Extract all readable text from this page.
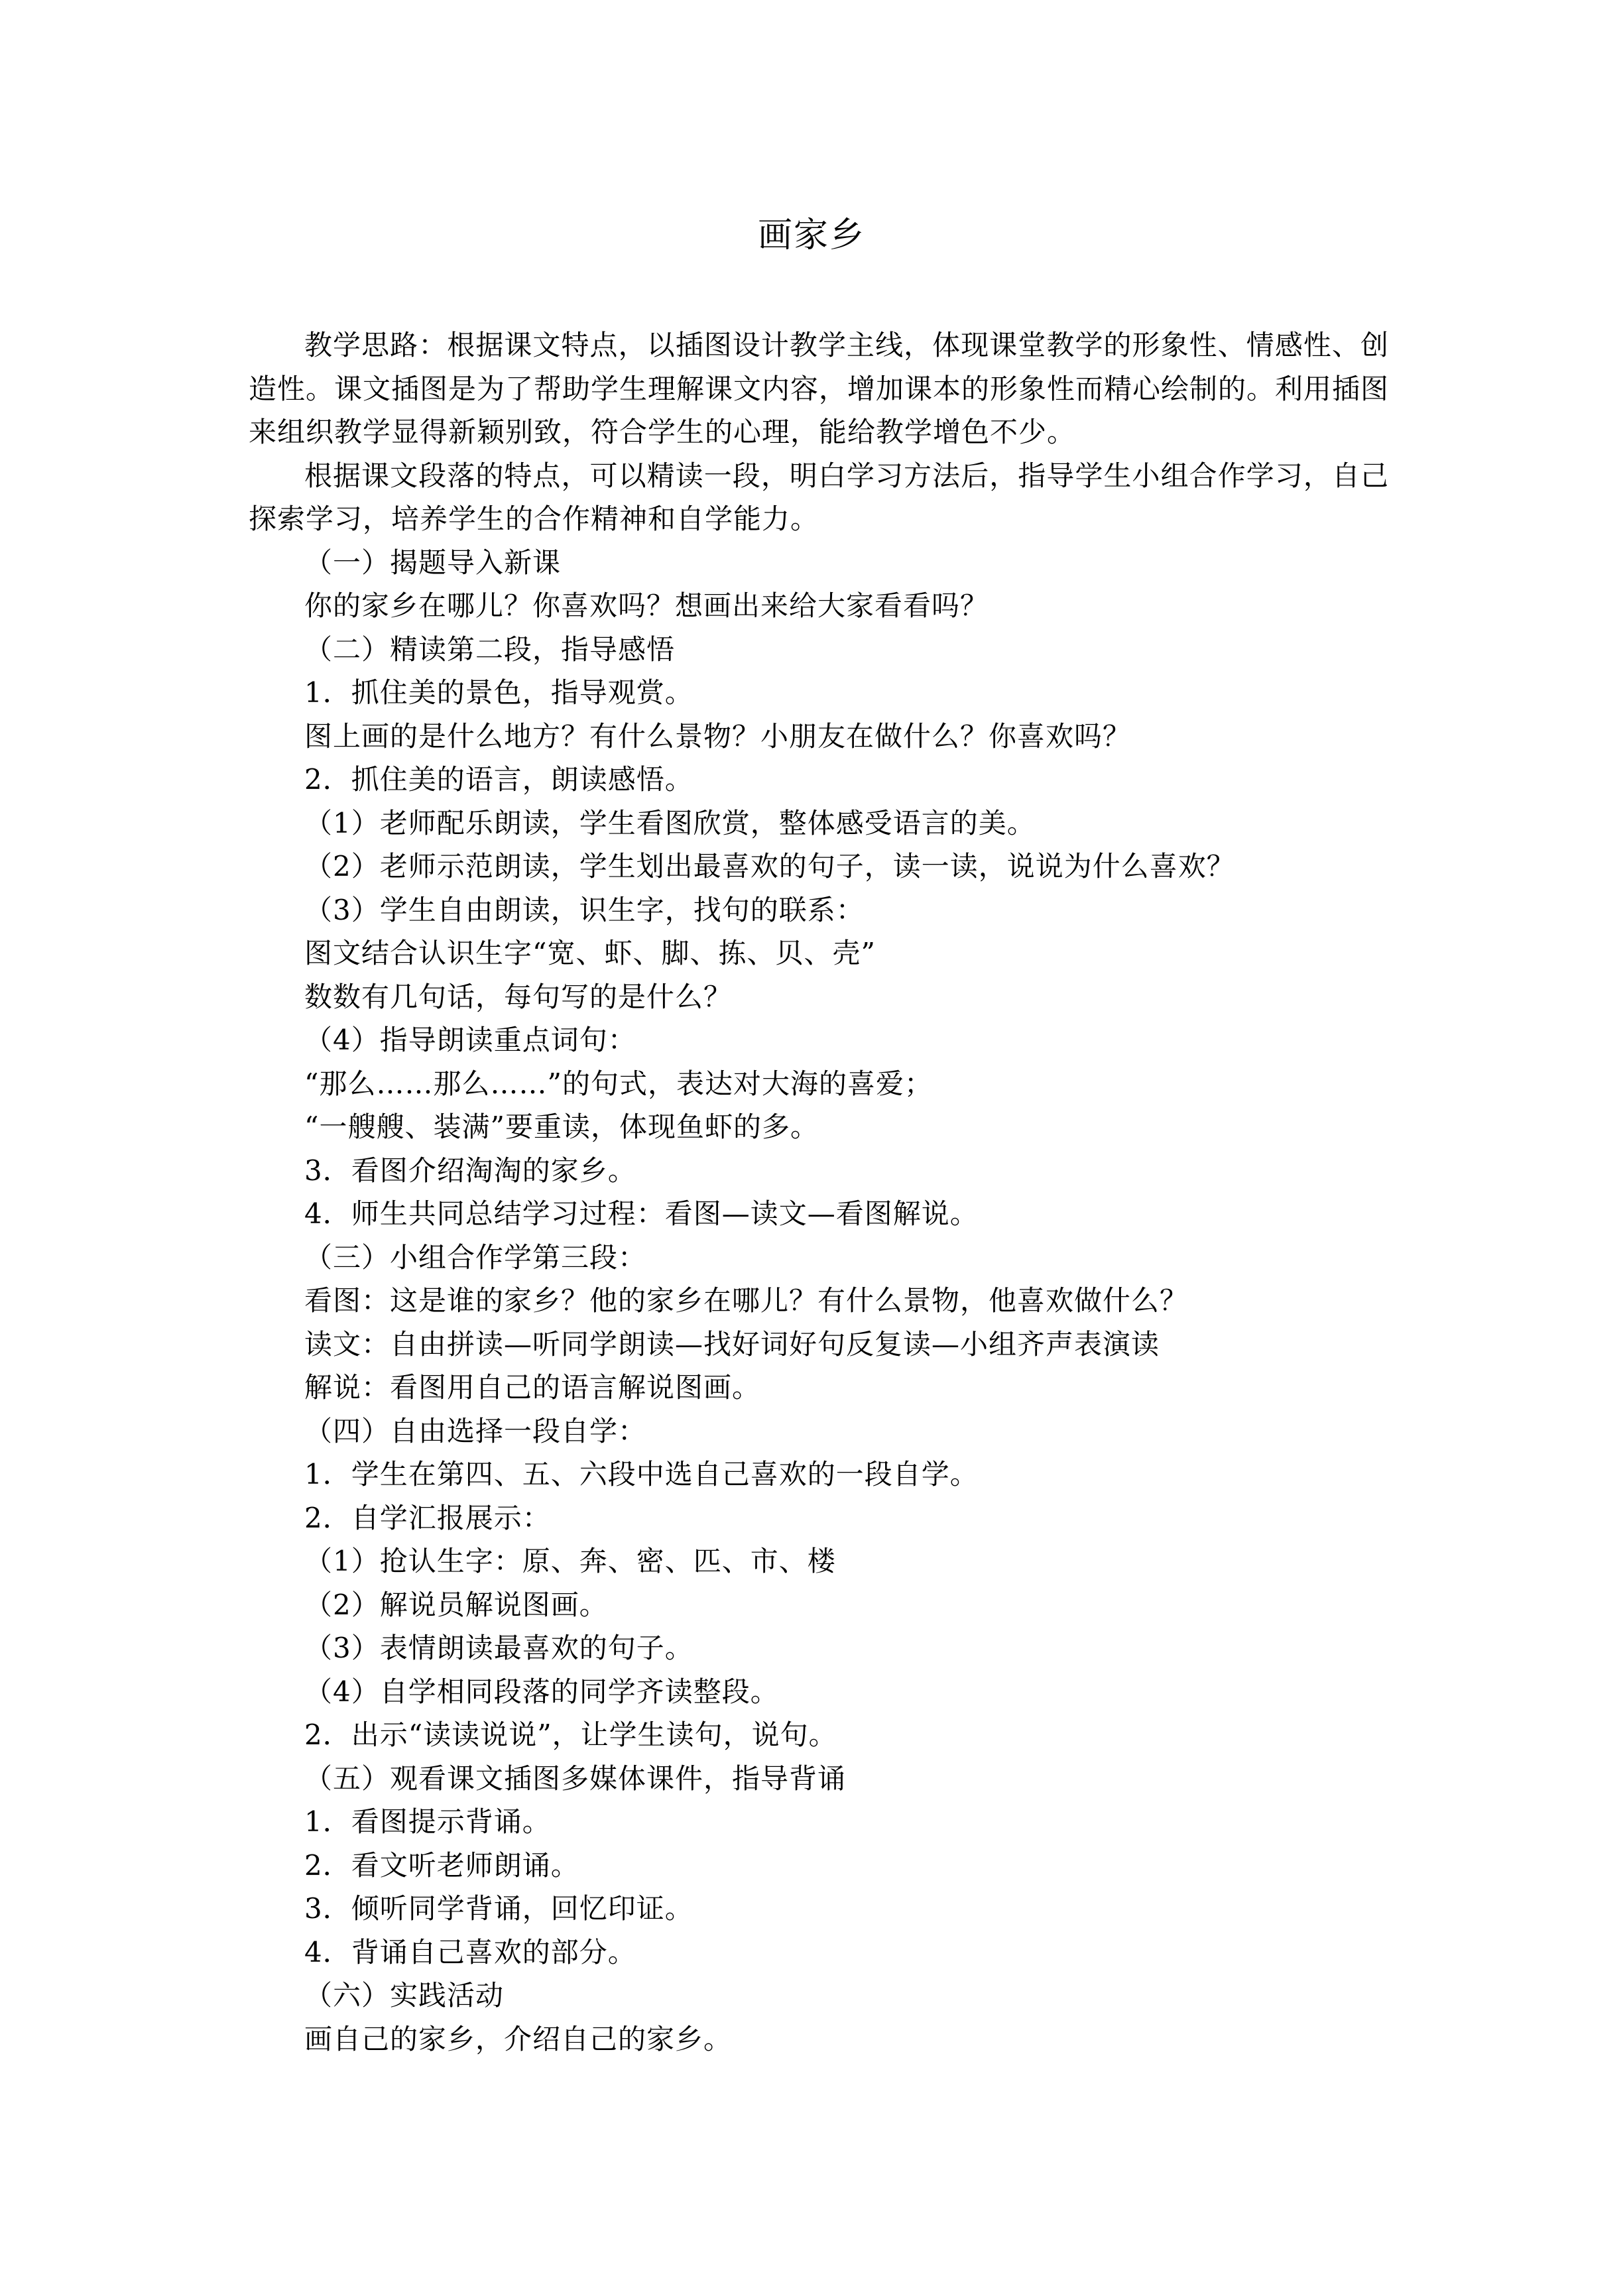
画家乡

教学思路：根据课文特点，以插图设计教学主线，体现课堂教学的形象性、情感性、创造性。课文插图是为了帮助学生理解课文内容，增加课本的形象性而精心绘制的。利用插图来组织教学显得新颖别致，符合学生的心理，能给教学增色不少。

根据课文段落的特点，可以精读一段，明白学习方法后，指导学生小组合作学习，自己探索学习，培养学生的合作精神和自学能力。

（一）揭题导入新课

你的家乡在哪儿？你喜欢吗？想画出来给大家看看吗？

（二）精读第二段，指导感悟

1．抓住美的景色，指导观赏。

图上画的是什么地方？有什么景物？小朋友在做什么？你喜欢吗？

2．抓住美的语言，朗读感悟。

（1）老师配乐朗读，学生看图欣赏，整体感受语言的美。

（2）老师示范朗读，学生划出最喜欢的句子，读一读，说说为什么喜欢？

（3）学生自由朗读，识生字，找句的联系：

图文结合认识生字“宽、虾、脚、拣、贝、壳”

数数有几句话，每句写的是什么？

（4）指导朗读重点词句：

“那么……那么……”的句式，表达对大海的喜爱；

“一艘艘、装满”要重读，体现鱼虾的多。

3．看图介绍淘淘的家乡。

4．师生共同总结学习过程：看图—读文—看图解说。

（三）小组合作学第三段：

看图：这是谁的家乡？他的家乡在哪儿？有什么景物，他喜欢做什么？

读文：自由拼读—听同学朗读—找好词好句反复读—小组齐声表演读

解说：看图用自己的语言解说图画。

（四）自由选择一段自学：

1．学生在第四、五、六段中选自己喜欢的一段自学。

2．自学汇报展示：

（1）抢认生字：原、奔、密、匹、市、楼

（2）解说员解说图画。

（3）表情朗读最喜欢的句子。

（4）自学相同段落的同学齐读整段。

2．出示“读读说说”，让学生读句，说句。

（五）观看课文插图多媒体课件，指导背诵

1．看图提示背诵。

2．看文听老师朗诵。

3．倾听同学背诵，回忆印证。

4．背诵自己喜欢的部分。

（六）实践活动

画自己的家乡，介绍自己的家乡。
